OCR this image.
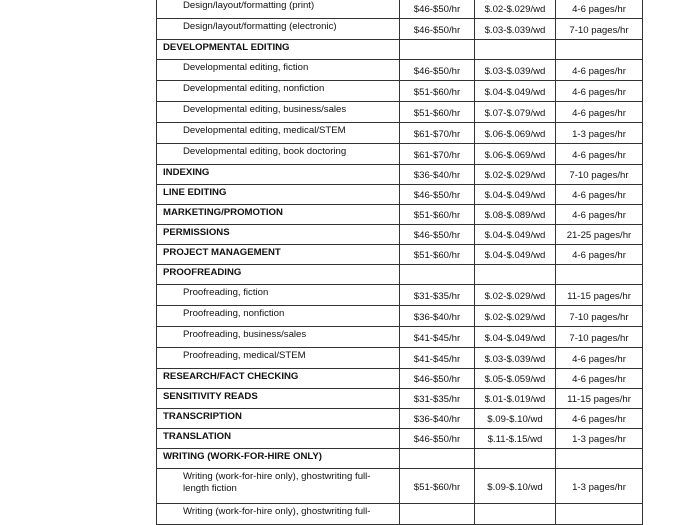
Design/layout/formatting (print)	$46-$50/hr	$.02-$.029/wd	4-6 pages/hr
Design/layout/formatting (electronic)	$46-$50/hr	$.03-$.039/wd	7-10 pages/hr
DEVELOPMENTAL EDITING			
Developmental editing, fiction	$46-$50/hr	$.03-$.039/wd	4-6 pages/hr
Developmental editing, nonfiction	$51-$60/hr	$.04-$.049/wd	4-6 pages/hr
Developmental editing, business/sales	$51-$60/hr	$.07-$.079/wd	4-6 pages/hr
Developmental editing, medical/STEM	$61-$70/hr	$.06-$.069/wd	1-3 pages/hr
Developmental editing, book doctoring	$61-$70/hr	$.06-$.069/wd	4-6 pages/hr
INDEXING	$36-$40/hr	$.02-$.029/wd	7-10 pages/hr
LINE EDITING	$46-$50/hr	$.04-$.049/wd	4-6 pages/hr
MARKETING/PROMOTION	$51-$60/hr	$.08-$.089/wd	4-6 pages/hr
PERMISSIONS	$46-$50/hr	$.04-$.049/wd	21-25 pages/hr
PROJECT MANAGEMENT	$51-$60/hr	$.04-$.049/wd	4-6 pages/hr
PROOFREADING			
Proofreading, fiction	$31-$35/hr	$.02-$.029/wd	11-15 pages/hr
Proofreading, nonfiction	$36-$40/hr	$.02-$.029/wd	7-10 pages/hr
Proofreading, business/sales	$41-$45/hr	$.04-$.049/wd	7-10 pages/hr
Proofreading, medical/STEM	$41-$45/hr	$.03-$.039/wd	4-6 pages/hr
RESEARCH/FACT CHECKING	$46-$50/hr	$.05-$.059/wd	4-6 pages/hr
SENSITIVITY READS	$31-$35/hr	$.01-$.019/wd	11-15 pages/hr
TRANSCRIPTION	$36-$40/hr	$.09-$.10/wd	4-6 pages/hr
TRANSLATION	$46-$50/hr	$.11-$.15/wd	1-3 pages/hr
WRITING (WORK-FOR-HIRE ONLY)			
Writing (work-for-hire only), ghostwriting full-length fiction	$51-$60/hr	$.09-$.10/wd	1-3 pages/hr
Writing (work-for-hire only), ghostwriting full-			
